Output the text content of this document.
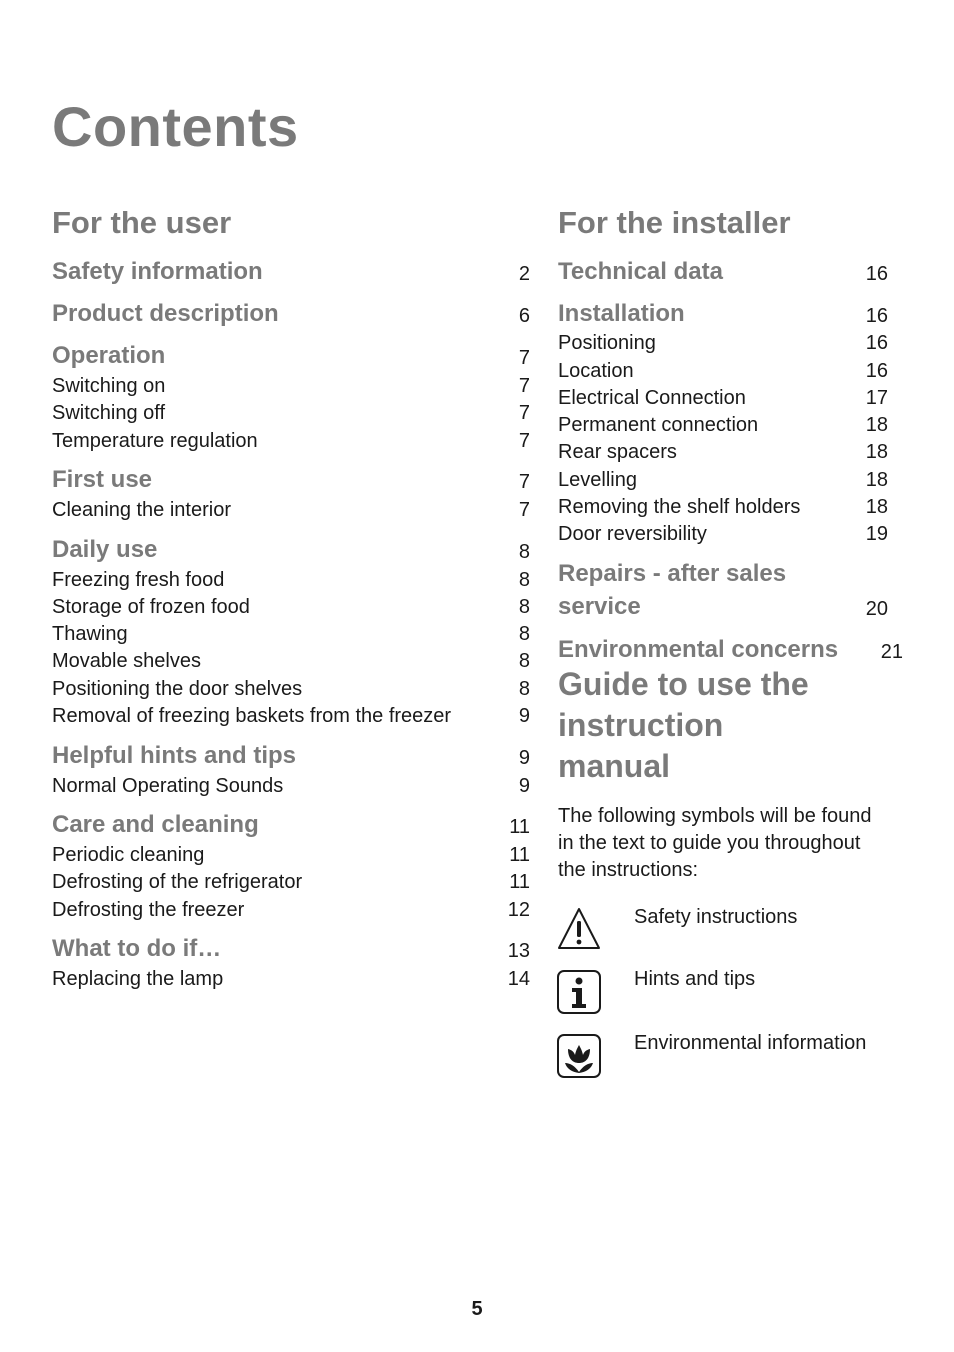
Contents
For the user
Safety information	2
Product description	6
Operation	7
Switching on	7
Switching off	7
Temperature regulation	7
First use	7
Cleaning the interior	7
Daily use	8
Freezing fresh food	8
Storage of frozen food	8
Thawing	8
Movable shelves	8
Positioning the door shelves	8
Removal of freezing baskets from the freezer	9
Helpful hints and tips	9
Normal Operating Sounds	9
Care and cleaning	11
Periodic cleaning	11
Defrosting of the refrigerator	11
Defrosting the freezer	12
What to do if…	13
Replacing the lamp	14
For the installer
Technical data	16
Installation	16
Positioning	16
Location	16
Electrical Connection	17
Permanent connection	18
Rear spacers	18
Levelling	18
Removing the shelf holders	18
Door reversibility	19
Repairs - after sales
service	20
Environmental concerns 21
Guide to use the
instruction
manual

The following symbols will be found
in the text to guide you throughout
the instructions:

Safety instructions
Hints and tips
Environmental information
5
